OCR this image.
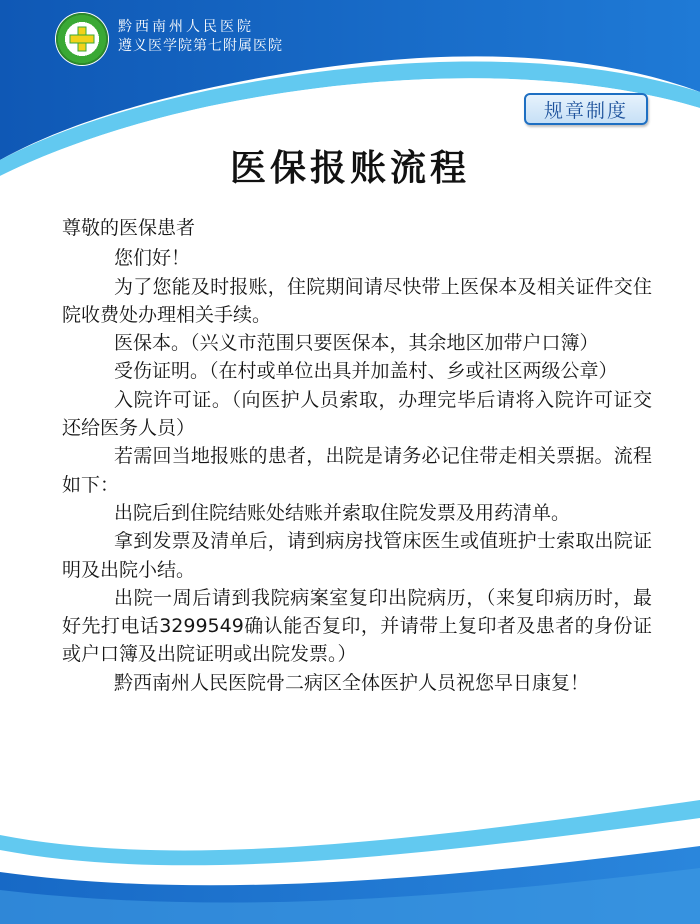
黔西南州人民医院
遵义医学院第七附属医院
规章制度
医保报账流程

尊敬的医保患者

您们好！

为了您能及时报账，住院期间请尽快带上医保本及相关证件交住院收费处办理相关手续。

医保本。（兴义市范围只要医保本，其余地区加带户口簿）

受伤证明。（在村或单位出具并加盖村、乡或社区两级公章）

入院许可证。（向医护人员索取，办理完毕后请将入院许可证交还给医务人员）

若需回当地报账的患者，出院是请务必记住带走相关票据。流程如下：

出院后到住院结账处结账并索取住院发票及用药清单。

拿到发票及清单后，请到病房找管床医生或值班护士索取出院证明及出院小结。

出院一周后请到我院病案室复印出院病历，（来复印病历时，最好先打电话3299549确认能否复印，并请带上复印者及患者的身份证或户口簿及出院证明或出院发票。）

黔西南州人民医院骨二病区全体医护人员祝您早日康复！
